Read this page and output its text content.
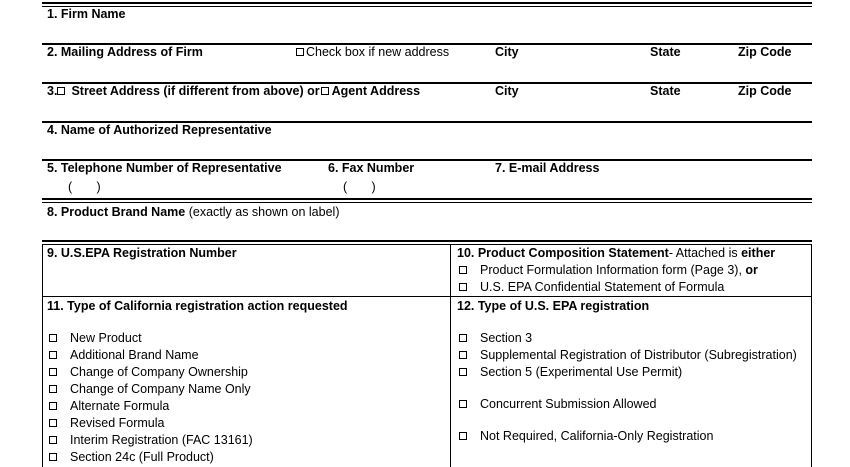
1. Firm Name
2. Mailing Address of Firm	Check box if new address	City	State	Zip Code
3. Street Address (if different from above) or Agent Address	City	State	Zip Code
4. Name of Authorized Representative
5. Telephone Number of Representative
(       )
6. Fax Number
(       )
7. E-mail Address
8. Product Brand Name (exactly as shown on label)
9. U.S.EPA Registration Number	10. Product Composition Statement- Attached is either
Product Formulation Information form (Page 3), or
U.S. EPA Confidential Statement of Formula
11. Type of California registration action requested
New Product
Additional Brand Name
Change of Company Ownership
Change of Company Name Only
Alternate Formula
Revised Formula
Interim Registration (FAC 13161)
Section 24c (Full Product)
12. Type of U.S. EPA registration
Section 3
Supplemental Registration of Distributor (Subregistration)
Section 5 (Experimental Use Permit)
Concurrent Submission Allowed
Not Required, California-Only Registration
